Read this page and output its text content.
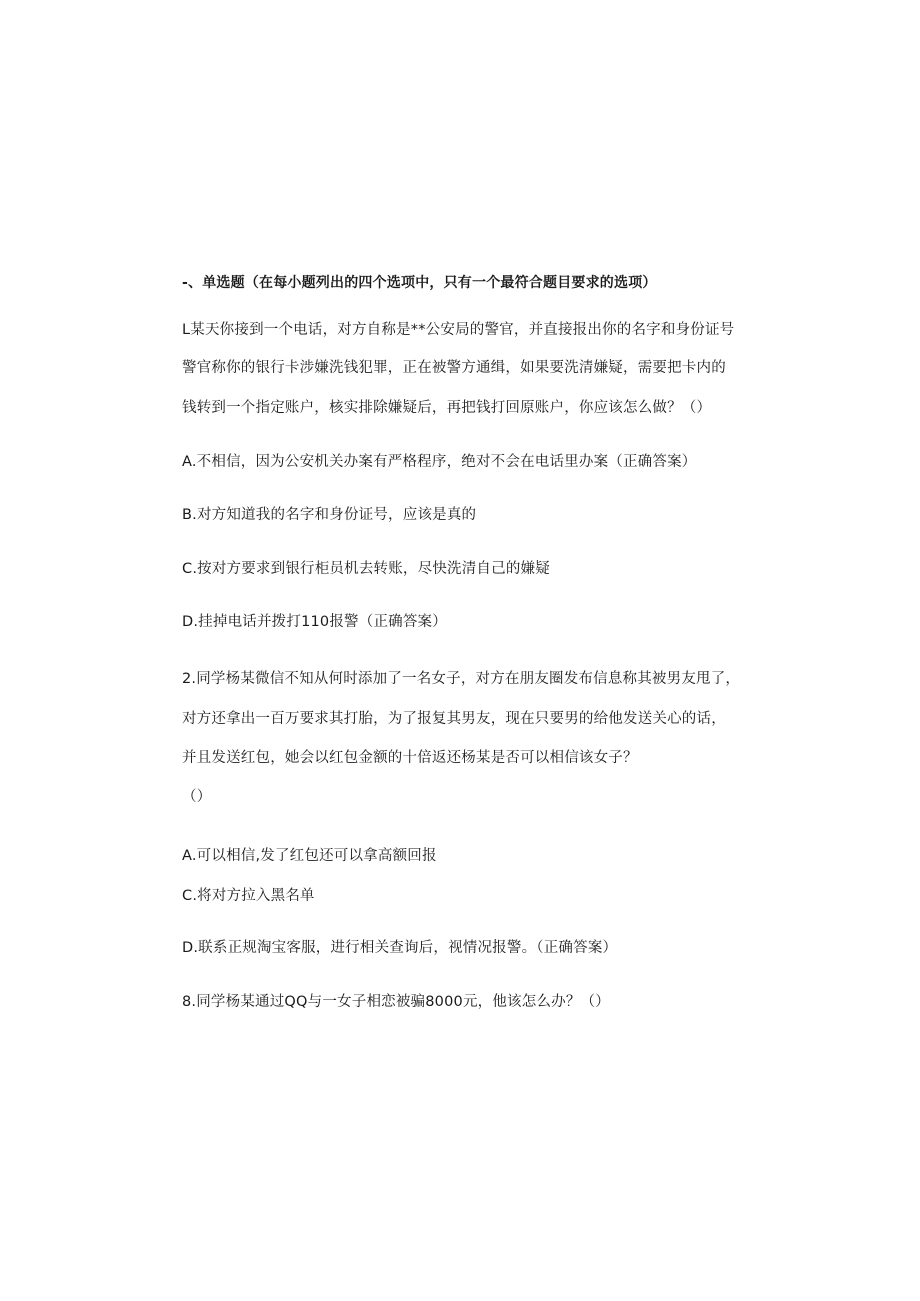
-、单选题（在每小题列出的四个选项中，只有一个最符合题目要求的选项）
L某天你接到一个电话，对方自称是**公安局的警官，并直接报出你的名字和身份证号
警官称你的银行卡涉嫌洗钱犯罪，正在被警方通缉，如果要洗清嫌疑，需要把卡内的
钱转到一个指定账户，核实排除嫌疑后，再把钱打回原账户，你应该怎么做？（）
A.不相信，因为公安机关办案有严格程序，绝对不会在电话里办案（正确答案）
B.对方知道我的名字和身份证号，应该是真的
C.按对方要求到银行柜员机去转账，尽快洗清自己的嫌疑
D.挂掉电话并拨打110报警（正确答案）
2.同学杨某微信不知从何时添加了一名女子，对方在朋友圈发布信息称其被男友甩了，
对方还拿出一百万要求其打胎，为了报复其男友，现在只要男的给他发送关心的话，
并且发送红包，她会以红包金额的十倍返还杨某是否可以相信该女子？
（）
A.可以相信,发了红包还可以拿高额回报
C.将对方拉入黑名单
D.联系正规淘宝客服，进行相关查询后，视情况报警。（正确答案）
8.同学杨某通过QQ与一女子相恋被骗8000元，他该怎么办？（）
